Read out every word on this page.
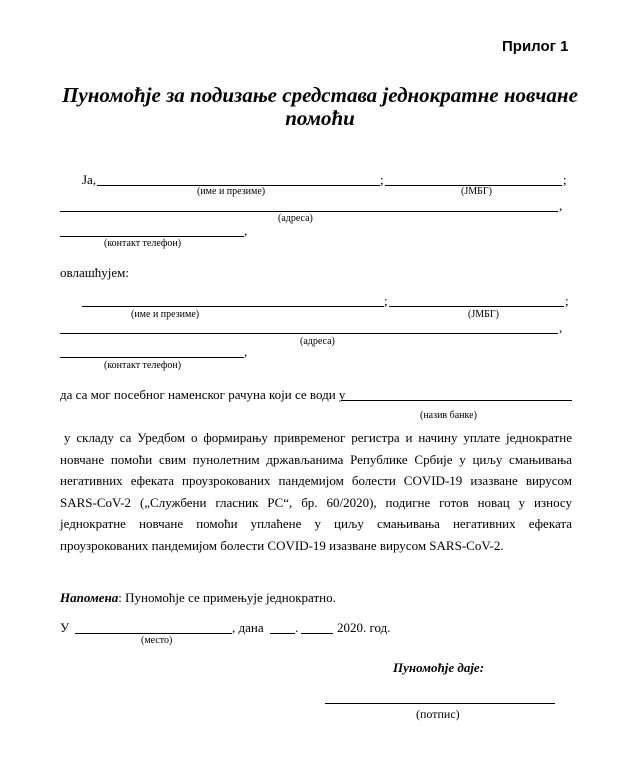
Прилог 1
Пуномоћје за подизање средстава једнократне новчане помоћи
Ја,	;	;
(име и презиме)	(ЈМБГ)
,
(адреса)
,
(контакт телефон)
овлашћујем:
;	;
(име и презиме)	(ЈМБГ)
,
(адреса)
,
(контакт телефон)
да са мог посебног наменског рачуна који се води у
(назив банке)
у складу са Уредбом о формирању привременог регистра и начину уплате једнократне новчане помоћи свим пунолетним држављанима Републике Србије у циљу смањивања негативних ефеката проузрокованих пандемијом болести COVID-19 изазване вирусом SARS-CoV-2 („Службени гласник РС“, бр. 60/2020), подигне готов новац у износу једнократне новчане помоћи уплаћене у циљу смањивања негативних ефеката проузрокованих пандемијом болести COVID-19 изазване вирусом SARS-CoV-2.
Напомена: Пуномоћје се примењује једнократно.
У	, дана .	2020. год.
(место)
Пуномоћје даје:
(потпис)
